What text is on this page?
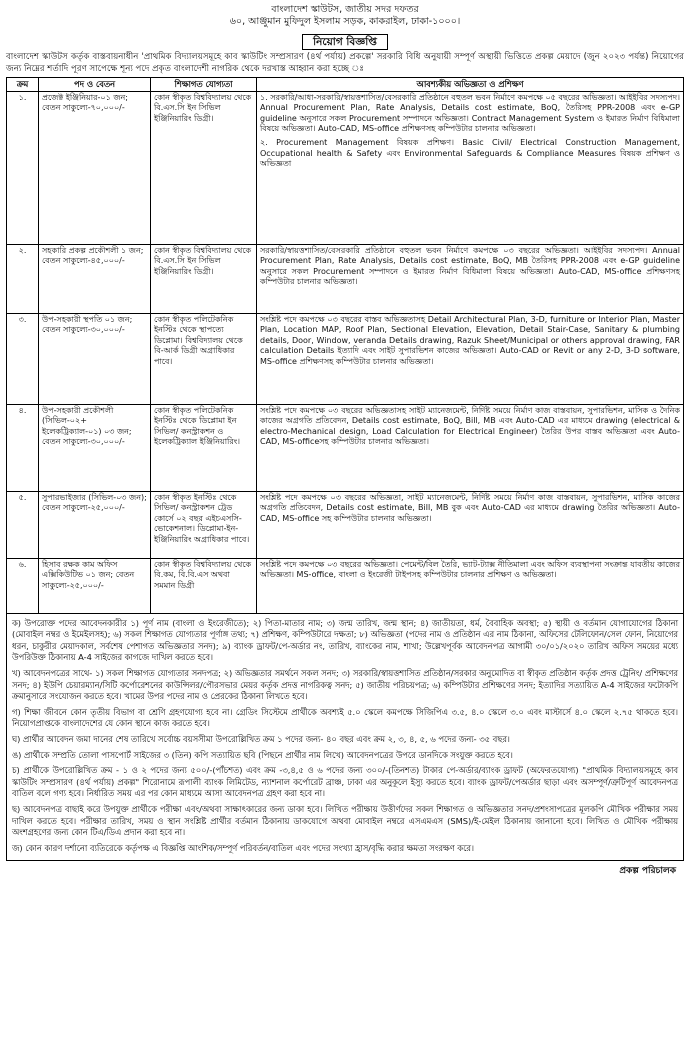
বাংলাদেশ স্কাউটস, জাতীয় সদর দফতর
৬০, আঞ্জুমান মুফিদুল ইসলাম সড়ক, কাকরাইল, ঢাকা-১০০০।
নিয়োগ বিজ্ঞপ্তি
বাংলাদেশ স্কাউটস কর্তৃক বাস্তবায়নাধীন 'প্রাথমিক বিদ্যালয়সমূহে কাব স্কাউটিং সম্প্রসারণ (৪র্থ পর্যায়) প্রকল্পে' সরকারি বিধি অনুযায়ী সম্পূর্ণ অস্থায়ী ভিত্তিতে প্রকল্প মেয়াদে (জুন ২০২৩ পর্যন্ত) নিয়োগের জন্য নিম্নের শর্তাদি পূরণ সাপেক্ষে শূন্য পদে প্রকৃত বাংলাদেশী নাগরিক থেকে দরখাস্ত আহ্বান করা হচ্ছে ঃ
ক্রম	পদ ও বেতন	শিক্ষাগত যোগ্যতা	আবশ্যকীয় অভিজ্ঞতা ও প্রশিক্ষণ
১.	প্রজেক্ট ইঞ্জিনিয়ার-০১ জন; বেতন সাকুল্যে-৭০,০০০/-	কোন স্বীকৃত বিশ্ববিদ্যালয় থেকে বি.এস.সি ইন সিভিল ইঞ্জিনিয়ারিং ডিগ্রী।	১. সরকারি/আধা-সরকারি/স্বায়ত্তশাসিত/বেসরকারি প্রতিষ্ঠানে বহুতল ভবন নির্মাণে কমপক্ষে ০৫ বছরের অভিজ্ঞতা। আইইবির সদস্যপদ। Annual Procurement Plan, Rate Analysis, Details cost estimate, BoQ, তৈরিসহ PPR-2008 এবং e-GP guideline অনুসারে সকল Procurement সম্পাদনে অভিজ্ঞতা। Contract Management System ও ইমারত নির্মাণ বিধিমালা বিষয়ে অভিজ্ঞতা। Auto-CAD, MS-office প্রশিক্ষণসহ কম্পিউটার চালনার অভিজ্ঞতা।
২. Procurement Management বিষয়ক প্রশিক্ষণ। Basic Civil/ Electrical Construction Management, Occupational health & Safety এবং Environmental Safeguards & Compliance Measures বিষয়ক প্রশিক্ষণ ও অভিজ্ঞতা

২.	সহকারি প্রকল্প প্রকৌশলী ১ জন; বেতন সাকুল্যে-৪৫,০০০/-	কোন স্বীকৃত বিশ্ববিদ্যালয় থেকে বি.এস.সি ইন সিভিল ইঞ্জিনিয়ারিং ডিগ্রী।	সরকারি/স্বায়ত্তশাসিত/বেসরকারি প্রতিষ্ঠানে বহুতল ভবন নির্মাণে কমপক্ষে ০৩ বছরের অভিজ্ঞতা। আইইবির সদস্যপদ। Annual Procurement Plan, Rate Analysis, Details cost estimate, BoQ, MB তৈরিসহ PPR-2008 এবং e-GP guideline অনুসারে সকল Procurement সম্পাদনে ও ইমারত নির্মাণ বিধিমালা বিষয়ে অভিজ্ঞতা। Auto-CAD, MS-office প্রশিক্ষণসহ কম্পিউটার চালনার অভিজ্ঞতা।
৩.	উপ-সহকারী স্থপতি ০১ জন; বেতন সাকুল্যে-৩০,০০০/-	কোন স্বীকৃত পলিটেকনিক ইনস্টিঃ থেকে স্থাপত্যে ডিপ্লোমা। বিশ্ববিদ্যালয় থেকে বি-আর্ক ডিগ্রী অগ্রাধিকার পাবে।	সংশ্লিষ্ট পদে কমপক্ষে ০৩ বছরের বাস্তব অভিজ্ঞতাসহ Detail Architectural Plan, 3-D, furniture or Interior Plan, Master Plan, Location MAP, Roof Plan, Sectional Elevation, Elevation, Detail Stair-Case, Sanitary & plumbing details, Door, Window, veranda Details drawing, Razuk Sheet/Municipal or others approval drawing, FAR calculation Details ইত্যাদি এবং সাইট সুপারভিশন কাজের অভিজ্ঞতা। Auto-CAD or Revit or any 2-D, 3-D software, MS-office প্রশিক্ষণসহ কম্পিউটার চালনার অভিজ্ঞতা।
৪.	উপ-সহকারী প্রকৌশলী (সিভিল-০২+ ইলেকট্রিক্যাল-০১) ০৩ জন; বেতন সাকুল্যে-৩০,০০০/-	কোন স্বীকৃত পলিটেকনিক ইনস্টিঃ থেকে ডিপ্লোমা ইন সিভিল/ কনস্ট্রাকশন ও ইলেকট্রিক্যাল ইঞ্জিনিয়ারিং।	সংশ্লিষ্ট পদে কমপক্ষে ০৩ বছরের অভিজ্ঞতাসহ সাইট ম্যানেজমেন্ট, নির্দিষ্ট সময়ে নির্মাণ কাজ বাস্তবায়ন, সুপারভিশন, মাসিক ও দৈনিক কাজের অগ্রগতি প্রতিবেদন, Details cost estimate, BoQ, Bill, MB এবং Auto-CAD এর মাধ্যমে drawing (electrical & electro-Mechanical design, Load Calculation for Electrical Engineer) তৈরির উপর বাস্তব অভিজ্ঞতা এবং Auto-CAD, MS-officeসহ কম্পিউটার চালনার অভিজ্ঞতা।
৫.	সুপারভাইজার (সিভিল-০৩ জন); বেতন সাকুল্যে-২৫,০০০/-	কোন স্বীকৃত ইনস্টিঃ থেকে সিভিল/ কনস্ট্রাকশন ট্রেড কোর্সে ০২ বছর এইচএসসি-ভোকেশনাল। ডিপ্লোমা-ইন-ইঞ্জিনিয়ারিং অগ্রাধিকার পাবে।	সংশ্লিষ্ট পদে কমপক্ষে ০৩ বছরের অভিজ্ঞতা, সাইট ম্যানেজমেন্ট, নির্দিষ্ট সময়ে নির্মাণ কাজ বাস্তবায়ন, সুপারভিশন, মাসিক কাজের অগ্রগতি প্রতিবেদন, Details cost estimate, Bill, MB বুক এবং Auto-CAD এর মাধ্যমে drawing তৈরির অভিজ্ঞতা। Auto-CAD, MS-office সহ কম্পিউটার চালনার অভিজ্ঞতা।
৬.	হিসাব রক্ষক কাম অফিস এক্সিকিউটিভ ০১ জন; বেতন সাকুল্যে-২৫,০০০/-	কোন স্বীকৃত বিশ্ববিদ্যালয় থেকে বি.কম, বি.বি.এস অথবা সমমান ডিগ্রী	সংশ্লিষ্ট পদে কমপক্ষে ০৩ বছরের অভিজ্ঞতা। পেমেন্ট/বিল তৈরি, ভ্যাট-ট্যাক্স নীতিমালা এবং অফিস ব্যবস্থাপনা সংক্রান্ত যাবতীয় কাজের অভিজ্ঞতা। MS-office, বাংলা ও ইংরেজী টাইপসহ কম্পিউটার চালনার প্রশিক্ষণ ও অভিজ্ঞতা।
ক) উপরোক্ত পদের আবেদনকারীর ১) পূর্ণ নাম (বাংলা ও ইংরেজীতে); ২) পিতা-মাতার নাম; ৩) জন্ম তারিখ, জন্ম স্থান; ৪) জাতীয়তা, ধর্ম, বৈবাহিক অবস্থা; ৫) স্থায়ী ও বর্তমান যোগাযোগের ঠিকানা (মোবাইল নম্বর ও ইমেইলসহ); ৬) সকল শিক্ষাগত যোগ্যতার পূর্ণাঙ্গ তথ্য; ৭) প্রশিক্ষণ, কম্পিউটারে দক্ষতা; ৮) অভিজ্ঞতা (পদের নাম ও প্রতিষ্ঠান এর নাম ঠিকানা, অফিসের টেলিফোন/সেল ফোন, নিয়োগের ধরন, চাকুরীর মেয়াদকাল, সর্বশেষ পেশাগত অভিজ্ঞতার সনদ); ৯) ব্যাংক ড্রাফট/পে-অর্ডার নং, তারিখ, ব্যাংকের নাম, শাখা; উল্লেখপূর্বক আবেদনপত্র আগামী ৩০/০১/২০২০ তারিখ অফিস সময়ের মধ্যে উপরিউক্ত ঠিকানায় A-4 সাইজের কাগজে দাখিল করতে হবে।
খ) আবেদনপত্রের সাথে- ১) সকল শিক্ষাগত যোগ্যতার সনদপত্র; ২) অভিজ্ঞতার সমর্থনে সকল সনদ; ৩) সরকারি/স্বায়ত্তশাসিত প্রতিষ্ঠান/সরকার অনুমোদিত বা স্বীকৃত প্রতিষ্ঠান কর্তৃক প্রদত্ত ট্রেনিং/ প্রশিক্ষণের সনদ; ৪) ইউপি চেয়ারম্যান/সিটি কর্পোরেশনের কাউন্সিলর/পৌরসভার মেয়র কর্তৃক প্রদত্ত নাগরিকত্ব সনদ; ৫) জাতীয় পরিচয়পত্র; ৬) কম্পিউটার প্রশিক্ষণের সনদ; ইত্যাদির সত্যায়িত A-4 সাইজের ফটোকপি ক্রমানুসারে সংযোজন করতে হবে। খামের উপর পদের নাম ও প্রেরকের ঠিকানা লিখতে হবে।
গ) শিক্ষা জীবনে কোন তৃতীয় বিভাগ বা শ্রেণি গ্রহণযোগ্য হবে না। গ্রেডিং সিস্টেমে প্রার্থীকে অবশ্যই ৫.০ স্কেলে কমপক্ষে সিজিপিএ ৩.৫, ৪.০ স্কেলে ৩.০ এবং মাস্টার্সে ৪.০ স্কেলে ২.৭৫ থাকতে হবে। নিয়োগপ্রাপ্তকে বাংলাদেশের যে কোন স্থানে কাজ করতে হবে।
ঘ) প্রার্থীর আবেদন জমা দানের শেষ তারিখে সর্বোচ্চ বয়সসীমা উপরোল্লিখিত ক্রম ১ পদের জন্য- ৪০ বছর এবং ক্রম ২, ৩, ৪, ৫, ৬ পদের জন্য- ৩৫ বছর।
ঙ) প্রার্থীকে সম্প্রতি তোলা পাসপোর্ট সাইজের ৩ (তিন) কপি সত্যায়িত ছবি (পিছনে প্রার্থীর নাম লিখে) আবেদনপত্রের উপরে ডানদিকে সংযুক্ত করতে হবে।
চ) প্রার্থীকে উপরোল্লিখিত ক্রম - ১ ও ২ পদের জন্য ৫০০/-(পাঁচশত) এবং ক্রম -৩,৪,৫ ও ৬ পদের জন্য ৩০০/-(তিনশত) টাকার পে-অর্ডার/ব্যাংক ড্রাফট (অফেরতযোগ্য) "প্রাথমিক বিদ্যালয়সমূহে কাব স্কাউটিং সম্প্রসারণ (৪র্থ পর্যায়) প্রকল্প" শিরোনামে রূপালী ব্যাংক লিমিটেড, ন্যাশনাল কর্পোরেট ব্রাঞ্চ, ঢাকা এর অনুকূলে ইস্যু করতে হবে। ব্যাংক ড্রাফট/পেঅর্ডার ছাড়া এবং অসম্পূর্ণ/ত্রুটিপূর্ণ আবেদনপত্র বাতিল বলে গণ্য হবে। নির্ধারিত সময় এর পর কোন মাধ্যমে আসা আবেদনপত্র গ্রহণ করা হবে না।
ছ) আবেদনপত্র বাছাই করে উপযুক্ত প্রার্থীকে পরীক্ষা এবং/অথবা সাক্ষাৎকারের জন্য ডাকা হবে। লিখিত পরীক্ষায় উত্তীর্ণদের সকল শিক্ষাগত ও অভিজ্ঞতার সনদ/প্রশংসাপত্রের মূলকপি মৌখিক পরীক্ষার সময় দাখিল করতে হবে। পরীক্ষার তারিখ, সময় ও স্থান সংশ্লিষ্ট প্রার্থীর বর্তমান ঠিকানায় ডাকযোগে অথবা মোবাইল নম্বরে এসএমএস (SMS)/ই-মেইল ঠিকানায় জানানো হবে। লিখিত ও মৌখিক পরীক্ষায় অংশগ্রহণের জন্য কোন টিএ/ডিএ প্রদান করা হবে না।
জ) কোন কারণ দর্শানো ব্যতিরেকে কর্তৃপক্ষ এ বিজ্ঞপ্তি আংশিক/সম্পূর্ণ পরিবর্তন/বাতিল এবং পদের সংখ্যা হ্রাস/বৃদ্ধি করার ক্ষমতা সংরক্ষণ করে।
প্রকল্প পরিচালক
